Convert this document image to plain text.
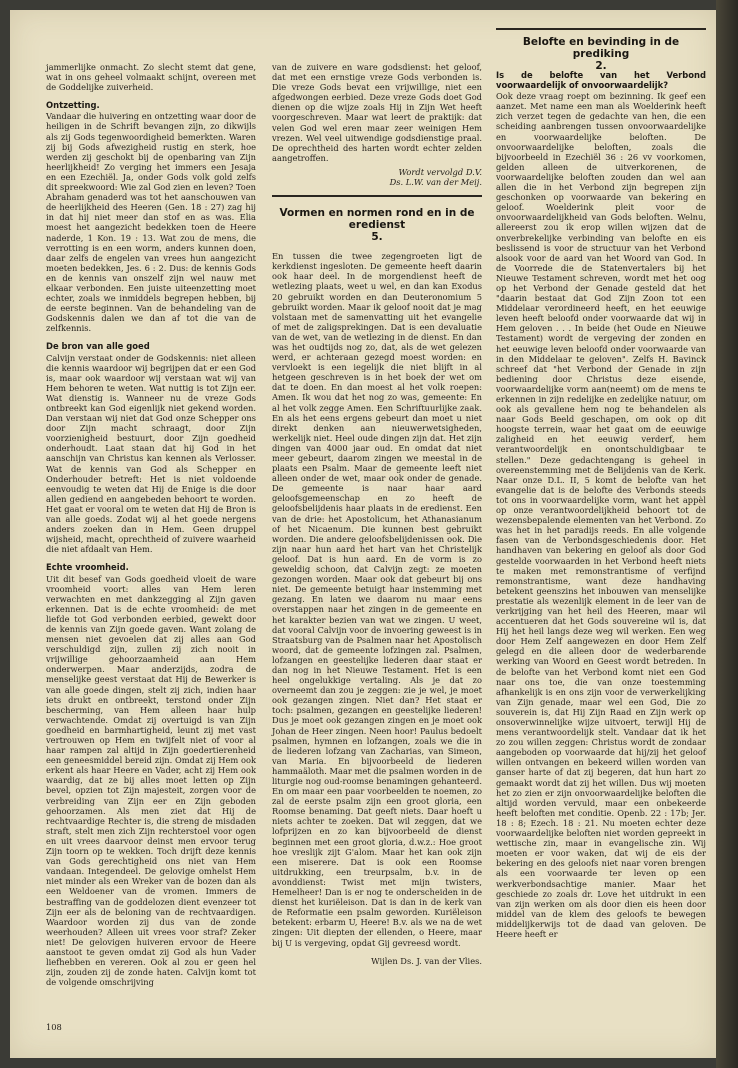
jammerlijke onmacht. Zo slecht stemt dat gene, wat in ons geheel volmaakt schijnt, overeen met de Goddelijke zuiverheid.

Ontzetting.

Vandaar die huivering en ontzetting waar door de heiligen in de Schrift bevangen zijn, zo dikwijls als zij Gods tegenwoordigheid bemerkten. Waren zij bij Gods afwezigheid rustig en sterk, hoe werden zij geschokt bij de openbaring van Zijn heerlijkheid! Zo verging het immers een Jesaja en een Ezechiël. Ja, onder Gods volk gold zelfs dit spreekwoord: Wie zal God zien en leven? Toen Abraham genaderd was tot het aanschouwen van de heerlijkheid des Heeren (Gen. 18 : 27) zag hij in dat hij niet meer dan stof en as was. Elia moest het aangezicht bedekken toen de Heere naderde, 1 Kon. 19 : 13. Wat zou de mens, die verrotting is en een worm, anders kunnen doen, daar zelfs de engelen van vrees hun aangezicht moeten bedekken, Jes. 6 : 2. Dus: de kennis Gods en de kennis van onszelf zijn wel nauw met elkaar verbonden. Een juiste uiteenzetting moet echter, zoals we inmiddels begrepen hebben, bij de eerste beginnen. Van de behandeling van de Godskennis dalen we dan af tot die van de zelfkennis.

De bron van alle goed

Calvijn verstaat onder de Godskennis: niet alleen die kennis waardoor wij begrijpen dat er een God is, maar ook waardoor wij verstaan wat wij van Hem behoren te weten. Wat nuttig is tot Zijn eer. Wat dienstig is. Wanneer nu de vreze Gods ontbreekt kan God eigenlijk niet gekend worden. Dan verstaan wij niet dat God onze Schepper ons door Zijn macht schraagt, door Zijn voorzienigheid bestuurt, door Zijn goedheid onderhoudt. Laat staan dat hij God in het aanschijn van Christus kan kennen als Verlosser. Wat de kennis van God als Schepper en Onderhouder betreft: Het is niet voldoende eenvoudig te weten dat Hij de Enige is die door allen gediend en aangebeden behoort te worden. Het gaat er vooral om te weten dat Hij de Bron is van alle goeds. Zodat wij al het goede nergens anders zoeken dan in Hem. Geen druppel wijsheid, macht, oprechtheid of zuivere waarheid die niet afdaalt van Hem.

Echte vroomheid.

Uit dit besef van Gods goedheid vloeit de ware vroomheid voort: alles van Hem leren verwachten en met dankzegging al Zijn gaven erkennen. Dat is de echte vroomheid: de met liefde tot God verbonden eerbied, gewekt door de kennis van Zijn goede gaven. Want zolang de mensen niet gevoelen dat zij alles aan God verschuldigd zijn, zullen zij zich nooit in vrijwillige gehoorzaamheid aan Hem onderwerpen. Maar anderzijds, zodra de menselijke geest verstaat dat Hij de Bewerker is van alle goede dingen, stelt zij zich, indien haar iets drukt en ontbreekt, terstond onder Zijn bescherming, van Hem alleen haar hulp verwachtende. Omdat zij overtuigd is van Zijn goedheid en barmhartigheid, leunt zij met vast vertrouwen op Hem en twijfelt niet of voor al haar rampen zal altijd in Zijn goedertierenheid een geneesmiddel bereid zijn. Omdat zij Hem ook erkent als haar Heere en Vader, acht zij Hem ook waardig, dat ze bij alles moet letten op Zijn bevel, opzien tot Zijn majesteit, zorgen voor de verbreiding van Zijn eer en Zijn geboden gehoorzamen. Als men ziet dat Hij de rechtvaardige Rechter is, die streng de misdaden straft, stelt men zich Zijn rechterstoel voor ogen en uit vrees daarvoor deinst men ervoor terug Zijn toorn op te wekken. Toch drijft deze kennis van Gods gerechtigheid ons niet van Hem vandaan. Integendeel. De gelovige omhelst Hem niet minder als een Wreker van de bozen dan als een Weldoener van de vromen. Immers de bestraffing van de goddelozen dient evenzeer tot Zijn eer als de beloning van de rechtvaardigen. Waardoor worden zij dus van de zonde weerhouden? Alleen uit vrees voor straf? Zeker niet! De gelovigen huiveren ervoor de Heere aanstoot te geven omdat zij God als hun Vader liefhebben en vereren. Ook al zou er geen hel zijn, zouden zij de zonde haten. Calvijn komt tot de volgende omschrijving

van de zuivere en ware godsdienst: het geloof, dat met een ernstige vreze Gods verbonden is. Die vreze Gods bevat een vrijwillige, niet een afgedwongen eerbied. Deze vreze Gods doet God dienen op die wijze zoals Hij in Zijn Wet heeft voorgeschreven. Maar wat leert de praktijk: dat velen God wel eren maar zeer weinigen Hem vrezen. Wel veel uitwendige godsdienstige praal. De oprechtheid des harten wordt echter zelden aangetroffen.

Wordt vervolgd D.V.
Ds. L.W. van der Meij.
Vormen en normen rond en in de eredienst
5.

En tussen die twee zegengroeten ligt de kerkdienst ingesloten. De gemeente heeft daarin ook haar deel. In de morgendienst heeft de wetlezing plaats, weet u wel, en dan kan Exodus 20 gebruikt worden en dan Deuteronomium 5 gebruikt worden. Maar ik geloof nooit dat je mag volstaan met de samenvatting uit het evangelie of met de zaligsprekingen. Dat is een devaluatie van de wet, van de wetlezing in de dienst. En dan was het oudtijds nog zo, dat, als de wet gelezen werd, er achteraan gezegd moest worden: en vervloekt is een iegelijk die niet blijft in al hetgeen geschreven is in het boek der wet om dat te doen. En dan moest al het volk roepen: Amen. Ik wou dat het nog zo was, gemeente: En al het volk zegge Amen. Een Schriftuurlijke zaak. En als het eens ergens gebeurt dan moet u niet direkt denken aan nieuwerwetsigheden, werkelijk niet. Heel oude dingen zijn dat. Het zijn dingen van 4000 jaar oud. En omdat dat niet meer gebeurt, daarom zingen we meestal in de plaats een Psalm. Maar de gemeente leeft niet alleen onder de wet, maar ook onder de genade. De gemeente is naar haar aard geloofsgemeenschap en zo heeft de geloofsbelijdenis haar plaats in de eredienst. Een van de drie: het Apostolicum, het Athanasianum of het Nicaenum. Die kunnen best gebruikt worden. Die andere geloofsbelijdenissen ook. Die zijn naar hun aard het hart van het Christelijk geloof. Dat is hun aard. En de vorm is zo geweldig schoon, dat Calvijn zegt: ze moeten gezongen worden. Maar ook dat gebeurt bij ons niet. De gemeente betuigt haar instemming met gezang. En laten we daarom nu maar eens overstappen naar het zingen in de gemeente en het karakter bezien van wat we zingen. U weet, dat vooral Calvijn voor de invoering geweest is in Straatsburg van de Psalmen naar het Apostolisch woord, dat de gemeente lofzingen zal. Psalmen, lofzangen en geestelijke liederen daar staat er dan nog in het Nieuwe Testament. Het is een heel ongelukkige vertaling. Als je dat zo overneemt dan zou je zeggen: zie je wel, je moet ook gezangen zingen. Niet dan? Het staat er toch: psalmen, gezangen en geestelijke liederen! Dus je moet ook gezangen zingen en je moet ook Johan de Heer zingen. Neen hoor! Paulus bedoelt psalmen, hymnen en lofzangen, zoals we die in de liederen lofzang van Zacharias, van Simeon, van Maria. En bijvoorbeeld de liederen hammaäloth. Maar met die psalmen worden in de liturgie nog oud-roomse benamingen gehanteerd. En om maar een paar voorbeelden te noemen, zo zal de eerste psalm zijn een groot gloria, een Roomse benaming. Dat geeft niets. Daar hoeft u niets achter te zoeken. Dat wil zeggen, dat we lofprijzen en zo kan bijvoorbeeld de dienst beginnen met een groot gloria, d.w.z.: Hoe groot hoe vreslijk zijt G'alom. Maar het kan ook zijn een miserere. Dat is ook een Roomse uitdrukking, een treurpsalm, b.v. in de avonddienst: Twist met mijn twisters, Hemelheer! Dan is er nog te onderscheiden in de dienst het kuriëleison. Dat is dan in de kerk van de Reformatie een psalm geworden. Kuriëleison betekent: erbarm U, Heere! B.v. als we na de wet zingen: Uit diepten der ellenden, o Heere, maar bij U is vergeving, opdat Gij gevreesd wordt.

Wijlen Ds. J. van der Vlies.
Belofte en bevinding in de prediking
2.
Is de belofte van het Verbond voorwaardelijk of onvoorwaardelijk?

Ook deze vraag roept om bezinning. Ik geef een aanzet. Met name een man als Woelderink heeft zich verzet tegen de gedachte van hen, die een scheiding aanbrengen tussen onvoorwaardelijke en voorwaardelijke beloften. De onvoorwaardelijke beloften, zoals die bijvoorbeeld in Ezechiël 36 : 26 vv voorkomen, gelden alleen de uitverkorenen, de voorwaardelijke beloften zouden dan wel aan allen die in het Verbond zijn begrepen zijn geschonken op voorwaarde van bekering en geloof. Woelderink pleit voor de onvoorwaardelijkheid van Gods beloften. Welnu, allereerst zou ik erop willen wijzen dat de onverbrekelijke verbinding van belofte en eis beslissend is voor de structuur van het Verbond alsook voor de aard van het Woord van God. In de Voorrede die de Statenvertalers bij het Nieuwe Testament schreven, wordt met het oog op het Verbond der Genade gesteld dat het "daarin bestaat dat God Zijn Zoon tot een Middelaar verordineerd heeft, en het eeuwige leven heeft beloofd onder voorwaarde dat wij in Hem geloven . . . In beide (het Oude en Nieuwe Testament) wordt de vergeving der zonden en het eeuwige leven beloofd onder voorwaarde van in den Middelaar te geloven". Zelfs H. Bavinck schreef dat "het Verbond der Genade in zijn bediening door Christus deze eisende, voorwaardelijke vorm aan(neemt) om de mens te erkennen in zijn redelijke en zedelijke natuur, om ook als gevallene hem nog te behandelen als naar Gods Beeld geschapen, om ook op dit hoogste terrein, waar het gaat om de eeuwige zaligheid en het eeuwig verderf, hem verantwoordelijk en onontschuldigbaar te stellen." Deze gedachtengang is geheel in overeenstemming met de Belijdenis van de Kerk. Naar onze D.L. II, 5 komt de belofte van het evangelie dat is de belofte des Verbonds steeds tot ons in voorwaardelijke vorm, want het appèl op onze verantwoordelijkheid behoort tot de wezensbepalende elementen van het Verbond. Zo was het in het paradijs reeds. En alle volgende fasen van de Verbondsgeschiedenis door. Het handhaven van bekering en geloof als door God gestelde voorwaarden in het Verbond heeft niets te maken met remonstrantisme of verfijnd remonstrantisme, want deze handhaving betekent geenszins het inbouwen van menselijke prestatie als wezenlijk element in de leer van de verkrijging van het heil des Heeren, maar wil accentueren dat het Gods souvereine wil is, dat Hij het heil langs deze weg wil werken. Een weg door Hem Zelf aangewezen en door Hem Zelf gelegd en die alleen door de wederbarende werking van Woord en Geest wordt betreden. In de belofte van het Verbond komt niet een God naar ons toe, die van onze toestemming afhankelijk is en ons zijn voor de verwerkelijking van Zijn genade, maar wel een God, Die zo souverein is, dat Hij Zijn Raad en Zijn werk op onsoverwinnelijke wijze uitvoert, terwijl Hij de mens verantwoordelijk stelt. Vandaar dat ik het zo zou willen zeggen: Christus wordt de zondaar aangeboden op voorwaarde dat hij/zij het geloof willen ontvangen en bekeerd willen worden van ganser harte of dat zij begeren, dat hun hart zo gemaakt wordt dat zij het willen. Dus wij moeten het zo zien er zijn onvoorwaardelijke beloften die altijd worden vervuld, maar een onbekeerde heeft beloften met conditie. Openb. 22 : 17b; Jer. 18 : 8; Ezech. 18 : 21. Nu moeten echter deze voorwaardelijke beloften niet worden gepreekt in wettische zin, maar in evangelische zin. Wij moeten er voor waken, dat wij de eis der bekering en des geloofs niet naar voren brengen als een voorwaarde ter leven op een werkverbondsachtige manier. Maar het geschiede zo zoals dr. Love het uitdrukt in een van zijn werken om als door dien eis heen door middel van de klem des geloofs te bewegen middelijkerwijs tot de daad van geloven. De Heere heeft er

108
